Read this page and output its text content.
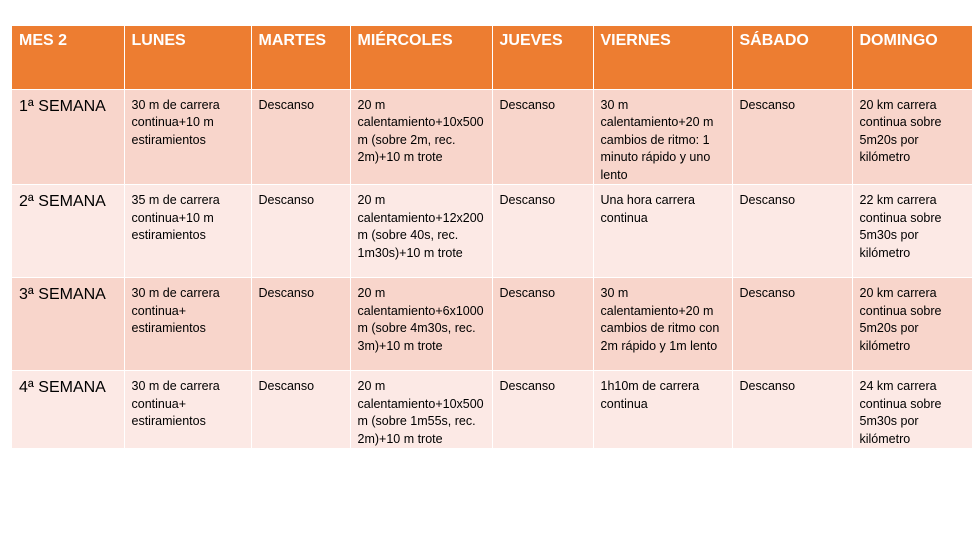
MES 2	LUNES	MARTES	MIÉRCOLES	JUEVES	VIERNES	SÁBADO	DOMINGO
1ª SEMANA	30 m de carrera continua+10 m estiramientos	Descanso	20 m calentamiento+10x500 m (sobre 2m, rec. 2m)+10 m trote	Descanso	30 m calentamiento+20 m cambios de ritmo: 1 minuto rápido y uno lento	Descanso	20 km carrera continua sobre 5m20s por kilómetro
2ª SEMANA	35 m de carrera continua+10 m estiramientos	Descanso	20 m calentamiento+12x200 m (sobre 40s, rec. 1m30s)+10 m trote	Descanso	Una hora carrera continua	Descanso	22 km carrera continua sobre 5m30s por kilómetro
3ª SEMANA	30 m de carrera continua+ estiramientos	Descanso	20 m calentamiento+6x1000 m (sobre 4m30s, rec. 3m)+10 m trote	Descanso	30 m calentamiento+20 m cambios de ritmo con 2m rápido y 1m lento	Descanso	20 km carrera continua sobre 5m20s por kilómetro
4ª SEMANA	30 m de carrera continua+ estiramientos	Descanso	20 m calentamiento+10x500 m (sobre 1m55s, rec. 2m)+10 m trote	Descanso	1h10m de carrera continua	Descanso	24 km carrera continua sobre 5m30s por kilómetro
